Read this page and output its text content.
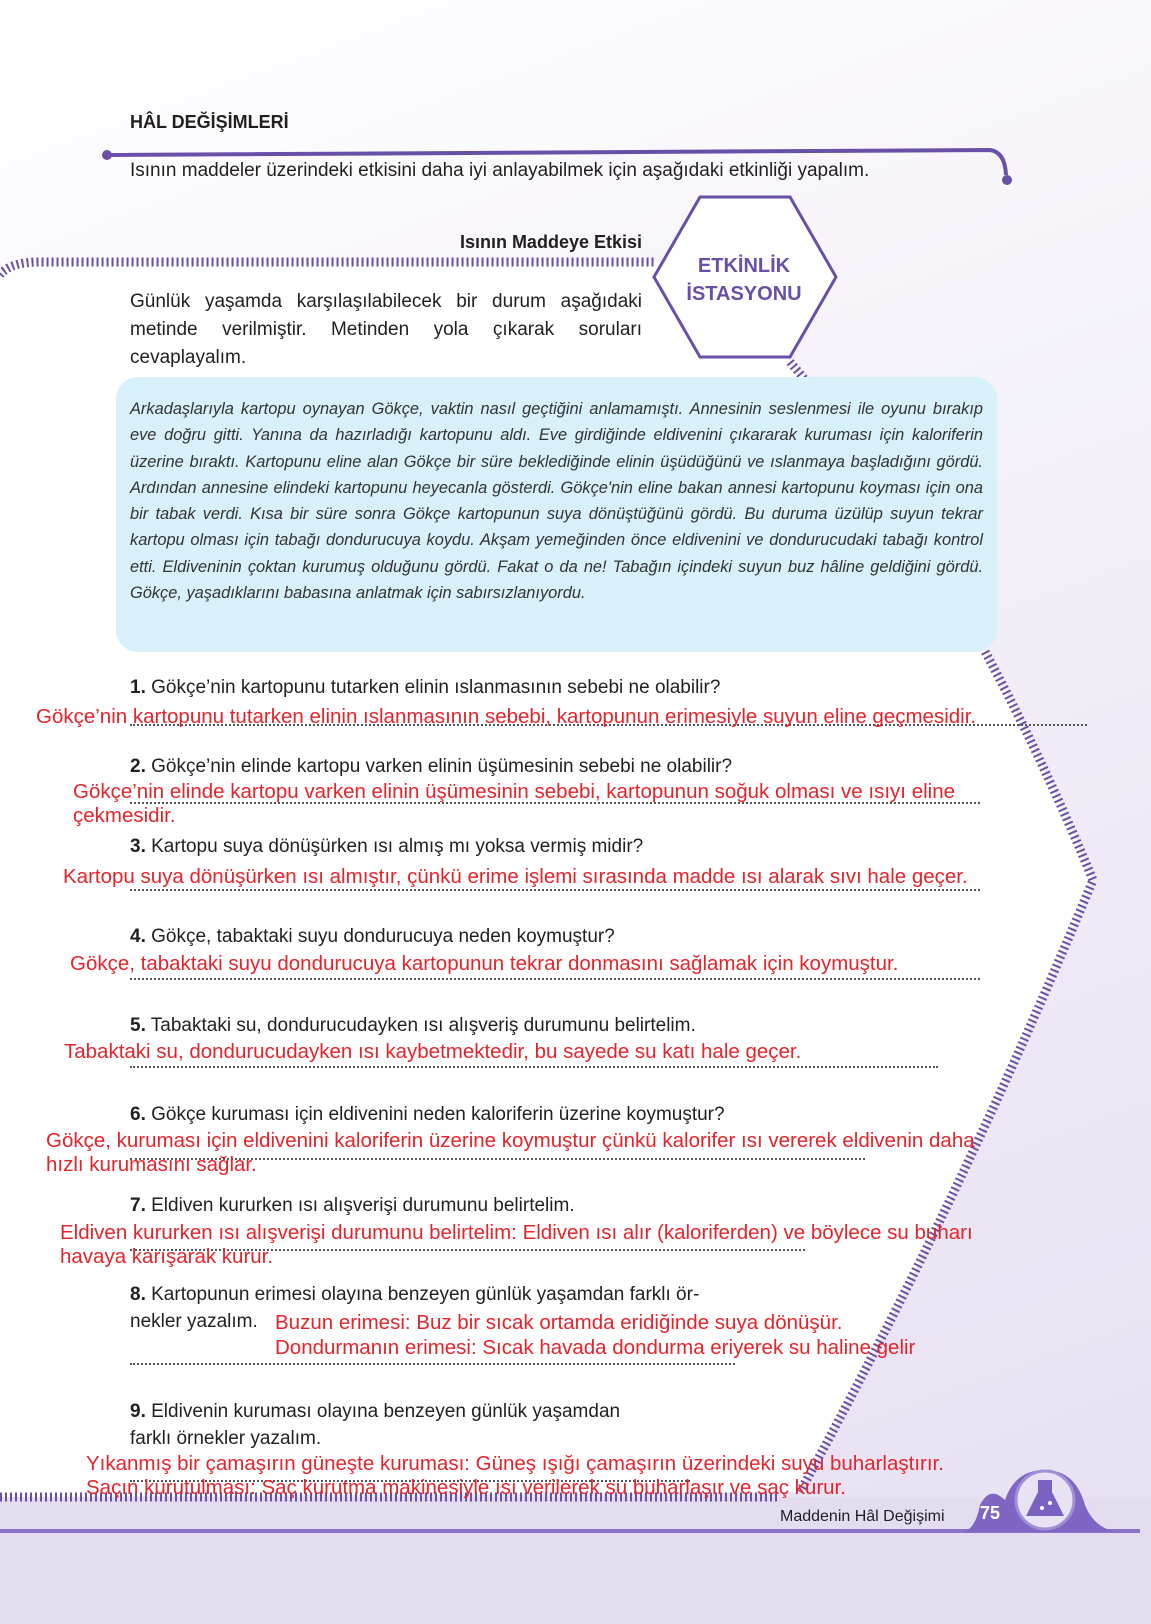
HÂL DEĞİŞİMLERİ
Isının maddeler üzerindeki etkisini daha iyi anlayabilmek için aşağıdaki etkinliği yapalım.
Isının Maddeye Etkisi
ETKİNLİK
İSTASYONU
Günlük yaşamda karşılaşılabilecek bir durum aşağıdaki metinde verilmiştir. Metinden yola çıkarak soruları cevaplayalım.
Arkadaşlarıyla kartopu oynayan Gökçe, vaktin nasıl geçtiğini anlamamıştı. Annesinin seslenmesi ile oyunu bırakıp eve doğru gitti. Yanına da hazırladığı kartopunu aldı. Eve girdiğinde eldivenini çıkararak kuruması için kaloriferin üzerine bıraktı. Kartopunu eline alan Gökçe bir süre beklediğinde elinin üşüdüğünü ve ıslanmaya başladığını gördü. Ardından annesine elindeki kartopunu heyecanla gösterdi. Gökçe'nin eline bakan annesi kartopunu koyması için ona bir tabak verdi. Kısa bir süre sonra Gökçe kartopunun suya dönüştüğünü gördü. Bu duruma üzülüp suyun tekrar kartopu olması için tabağı dondurucuya koydu. Akşam yemeğinden önce eldivenini ve dondurucudaki tabağı kontrol etti. Eldiveninin çoktan kurumuş olduğunu gördü. Fakat o da ne! Tabağın içindeki suyun buz hâline geldiğini gördü. Gökçe, yaşadıklarını babasına anlatmak için sabırsızlanıyordu.
1. Gökçe’nin kartopunu tutarken elinin ıslanmasının sebebi ne olabilir?
Gökçe’nin kartopunu tutarken elinin ıslanmasının sebebi, kartopunun erimesiyle suyun eline geçmesidir.
2. Gökçe’nin elinde kartopu varken elinin üşümesinin sebebi ne olabilir?
Gökçe’nin elinde kartopu varken elinin üşümesinin sebebi, kartopunun soğuk olması ve ısıyı eline
çekmesidir.
3. Kartopu suya dönüşürken ısı almış mı yoksa vermiş midir?
Kartopu suya dönüşürken ısı almıştır, çünkü erime işlemi sırasında madde ısı alarak sıvı hale geçer.
4. Gökçe, tabaktaki suyu dondurucuya neden koymuştur?
Gökçe, tabaktaki suyu dondurucuya kartopunun tekrar donmasını sağlamak için koymuştur.
5. Tabaktaki su, dondurucudayken ısı alışveriş durumunu belirtelim.
Tabaktaki su, dondurucudayken ısı kaybetmektedir, bu sayede su katı hale geçer.
6. Gökçe kuruması için eldivenini neden kaloriferin üzerine koymuştur?
Gökçe, kuruması için eldivenini kaloriferin üzerine koymuştur çünkü kalorifer ısı vererek eldivenin daha
hızlı kurumasını sağlar.
7. Eldiven kururken ısı alışverişi durumunu belirtelim.
Eldiven kururken ısı alışverişi durumunu belirtelim: Eldiven ısı alır (kaloriferden) ve böylece su buharı
havaya karışarak kurur.
8. Kartopunun erimesi olayına benzeyen günlük yaşamdan farklı ör-
nekler yazalım. Buzun erimesi: Buz bir sıcak ortamda eridiğinde suya dönüşür.
Dondurmanın erimesi: Sıcak havada dondurma eriyerek su haline gelir
9. Eldivenin kuruması olayına benzeyen günlük yaşamdan
farklı örnekler yazalım.
Yıkanmış bir çamaşırın güneşte kuruması: Güneş ışığı çamaşırın üzerindeki suyu buharlaştırır.
Saçın kurutulması: Saç kurutma makinesiyle ısı verilerek su buharlaşır ve saç kurur.
Maddenin Hâl Değişimi 75
